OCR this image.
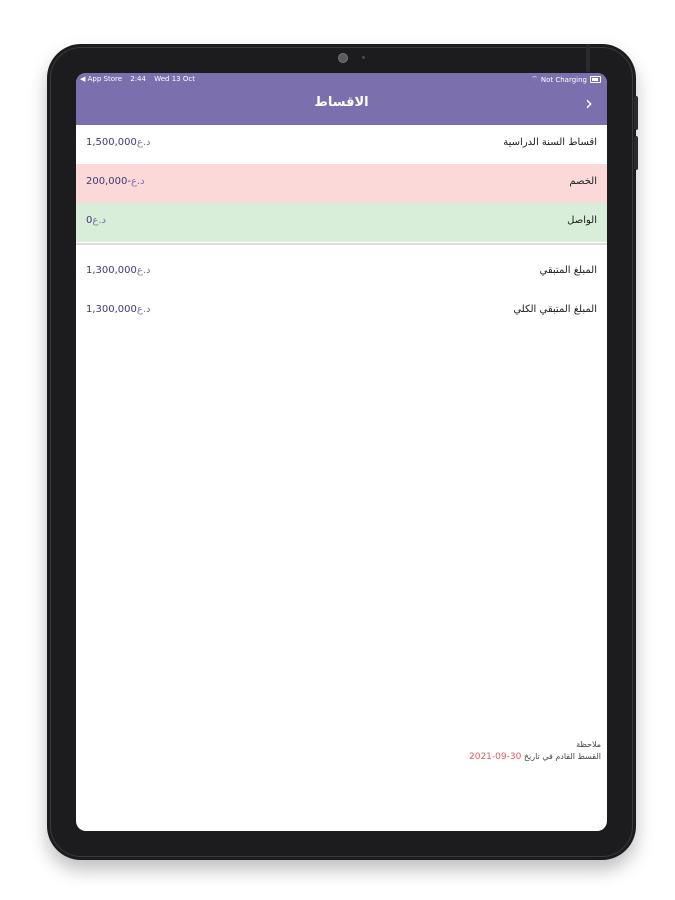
◀ App Store 2:44 Wed 13 Oct	⌔ Not Charging
الاقساط	›
اقساط السنة الدراسية
د.ع1,500,000
الخصم
د.ع-200,000
الواصل
د.ع0
المبلغ المتبقي
د.ع1,300,000
المبلغ المتبقي الكلي
د.ع1,300,000
ملاحظة
القسط القادم في تاريخ 30-09-2021
